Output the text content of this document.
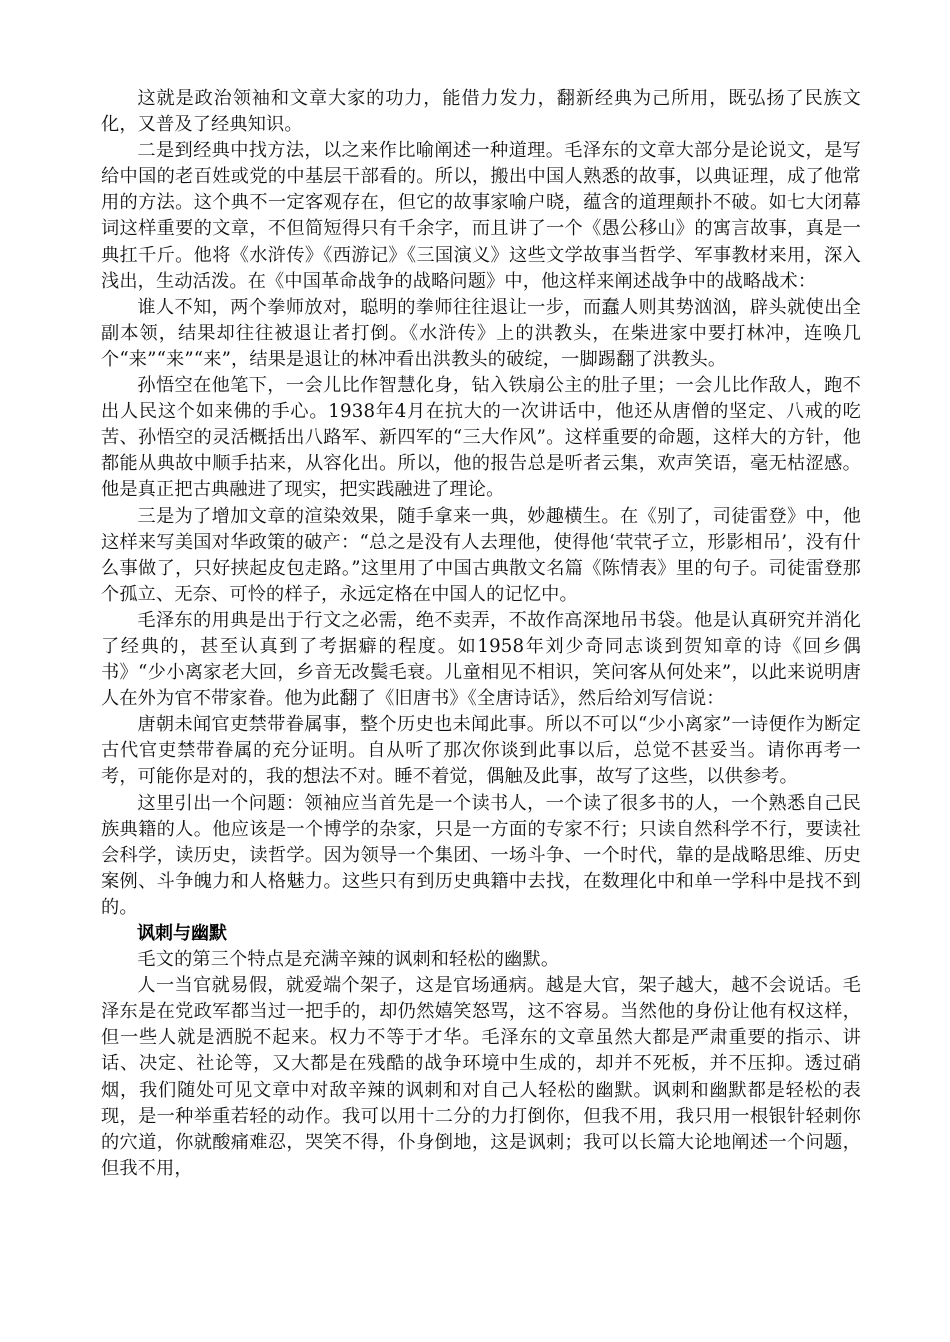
这就是政治领袖和文章大家的功力，能借力发力，翻新经典为己所用，既弘扬了民族文化，又普及了经典知识。

二是到经典中找方法，以之来作比喻阐述一种道理。毛泽东的文章大部分是论说文，是写给中国的老百姓或党的中基层干部看的。所以，搬出中国人熟悉的故事，以典证理，成了他常用的方法。这个典不一定客观存在，但它的故事家喻户晓，蕴含的道理颠扑不破。如七大闭幕词这样重要的文章，不但简短得只有千余字，而且讲了一个《愚公移山》的寓言故事，真是一典扛千斤。他将《水浒传》《西游记》《三国演义》这些文学故事当哲学、军事教材来用，深入浅出，生动活泼。在《中国革命战争的战略问题》中，他这样来阐述战争中的战略战术：

谁人不知，两个拳师放对，聪明的拳师往往退让一步，而蠢人则其势汹汹，辟头就使出全副本领，结果却往往被退让者打倒。《水浒传》上的洪教头，在柴进家中要打林冲，连唤几个“来”“来”“来”，结果是退让的林冲看出洪教头的破绽，一脚踢翻了洪教头。

孙悟空在他笔下，一会儿比作智慧化身，钻入铁扇公主的肚子里；一会儿比作敌人，跑不出人民这个如来佛的手心。1938年4月在抗大的一次讲话中，他还从唐僧的坚定、八戒的吃苦、孙悟空的灵活概括出八路军、新四军的“三大作风”。这样重要的命题，这样大的方针，他都能从典故中顺手拈来，从容化出。所以，他的报告总是听者云集，欢声笑语，毫无枯涩感。他是真正把古典融进了现实，把实践融进了理论。

三是为了增加文章的渲染效果，随手拿来一典，妙趣横生。在《别了，司徒雷登》中，他这样来写美国对华政策的破产：“总之是没有人去理他，使得他‘茕茕孑立，形影相吊’，没有什么事做了，只好挟起皮包走路。”这里用了中国古典散文名篇《陈情表》里的句子。司徒雷登那个孤立、无奈、可怜的样子，永远定格在中国人的记忆中。

毛泽东的用典是出于行文之必需，绝不卖弄，不故作高深地吊书袋。他是认真研究并消化了经典的，甚至认真到了考据癖的程度。如1958年刘少奇同志谈到贺知章的诗《回乡偶书》“少小离家老大回，乡音无改鬓毛衰。儿童相见不相识，笑问客从何处来”，以此来说明唐人在外为官不带家眷。他为此翻了《旧唐书》《全唐诗话》，然后给刘写信说：

唐朝未闻官吏禁带眷属事，整个历史也未闻此事。所以不可以“少小离家”一诗便作为断定古代官吏禁带眷属的充分证明。自从听了那次你谈到此事以后，总觉不甚妥当。请你再考一考，可能你是对的，我的想法不对。睡不着觉，偶触及此事，故写了这些，以供参考。

这里引出一个问题：领袖应当首先是一个读书人，一个读了很多书的人，一个熟悉自己民族典籍的人。他应该是一个博学的杂家，只是一方面的专家不行；只读自然科学不行，要读社会科学，读历史，读哲学。因为领导一个集团、一场斗争、一个时代，靠的是战略思维、历史案例、斗争魄力和人格魅力。这些只有到历史典籍中去找，在数理化中和单一学科中是找不到的。

讽刺与幽默

毛文的第三个特点是充满辛辣的讽刺和轻松的幽默。

人一当官就易假，就爱端个架子，这是官场通病。越是大官，架子越大，越不会说话。毛泽东是在党政军都当过一把手的，却仍然嬉笑怒骂，这不容易。当然他的身份让他有权这样，但一些人就是洒脱不起来。权力不等于才华。毛泽东的文章虽然大都是严肃重要的指示、讲话、决定、社论等，又大都是在残酷的战争环境中生成的，却并不死板，并不压抑。透过硝烟，我们随处可见文章中对敌辛辣的讽刺和对自己人轻松的幽默。讽刺和幽默都是轻松的表现，是一种举重若轻的动作。我可以用十二分的力打倒你，但我不用，我只用一根银针轻刺你的穴道，你就酸痛难忍，哭笑不得，仆身倒地，这是讽刺；我可以长篇大论地阐述一个问题，但我不用，
